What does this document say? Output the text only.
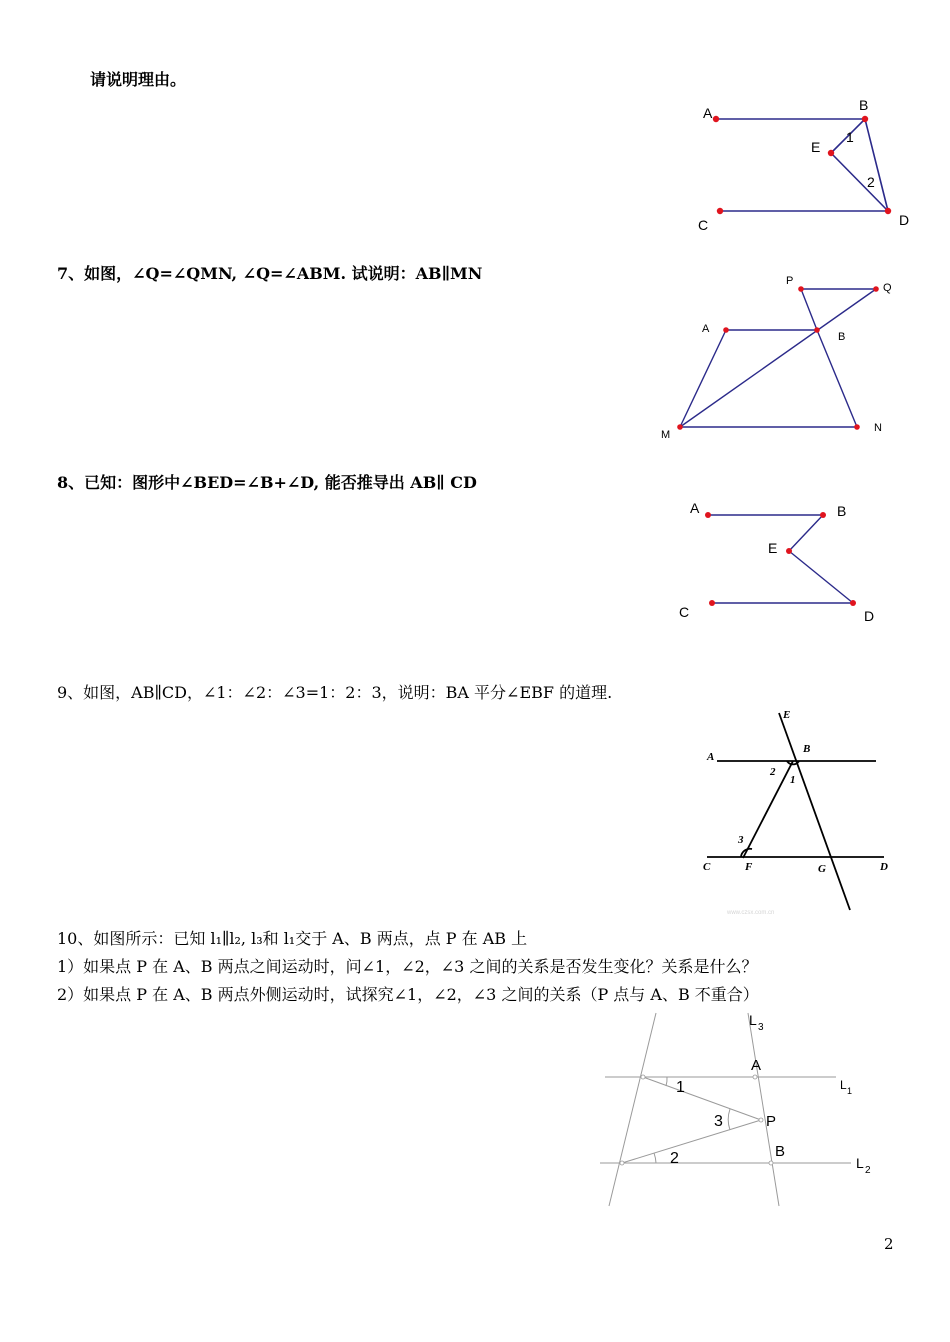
请说明理由。
A	B
E
1
2
C	D
7、如图，∠Q=∠QMN, ∠Q=∠ABM. 试说明：AB∥MN	P
Q
A
B
M
N
8、已知：图形中∠BED=∠B+∠D, 能否推导出 AB∥ CD
A	B
E
C	D
9、如图，AB∥CD，∠1：∠2：∠3=1：2：3，说明：BA 平分∠EBF 的道理.
E
A
B
2
1
3
C	F	G	D
www.czsx.com.cn
10、如图所示：已知 l₁∥l₂, l₃和 l₁交于 A、B 两点，点 P 在 AB 上
1）如果点 P 在 A、B 两点之间运动时，问∠1，∠2，∠3 之间的关系是否发生变化？关系是什么？
2）如果点 P 在 A、B 两点外侧运动时，试探究∠1，∠2，∠3 之间的关系（P 点与 A、B 不重合）
L 3
A
L 1
1
3	P
B
L 2
2
2
